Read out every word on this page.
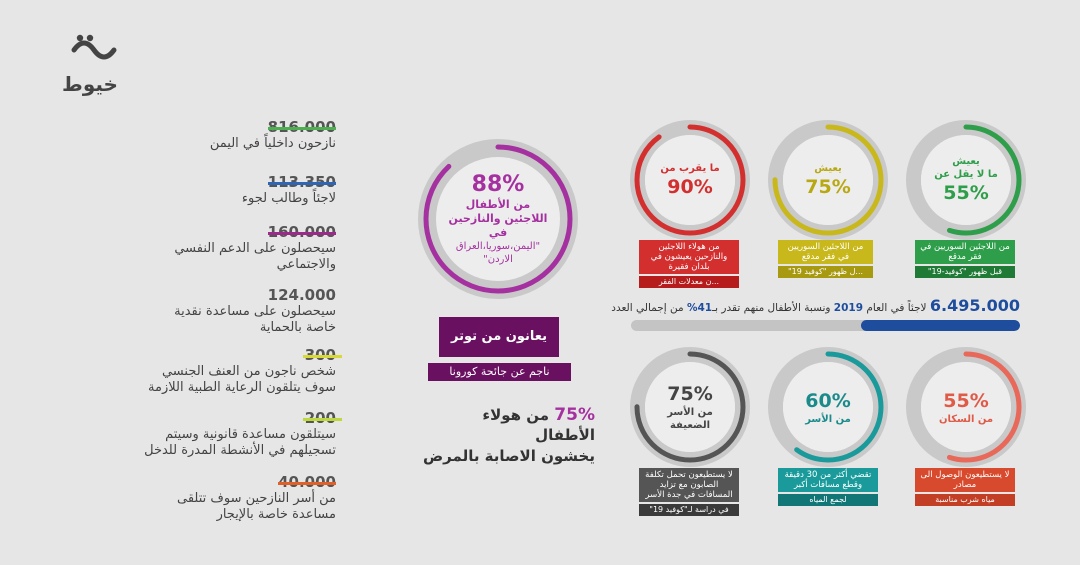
خيوط
نازحون داخلياً في اليمن
لاجئاً وطالب لجوء
سيحصلون على الدعم النفسي والاجتماعي
124.000
سيحصلون على مساعدة نقدية خاصة بالحماية
شخص ناجون من العنف الجنسي سوف يتلقون الرعاية الطبية اللازمة
سيتلقون مساعدة قانونية وسيتم تسجيلهم في الأنشطة المدرة للدخل
من أسر النازحين سوف تتلقى مساعدة خاصة بالإيجار
88%
من الأطفال
اللاجئين والنازحين في
"اليمن،سوريا،العراق
الاردن"
يعانون من توتر
ناجم عن جائحة كورونا
75% من هولاء الأطفال
يخشون الاصابة بالمرض
ما يقرب من
90%
من هولاء اللاجئين والنازحين يعيشون في بلدان فقيرة
...ن معدلات الفقر
يعيش
75%
من اللاجئين السوريين في فقر مدقع
...ل ظهور "كوفيد 19"
يعيش
ما لا يقل عن
55%
من اللاجئين السوريين في فقر مدقع
قبل ظهور "كوفيد-19"
6.495.000 لاجئاً في العام 2019 ونسبة الأطفال منهم تقدر بـ41% من إجمالي العدد
75%
من الأسر
الضعيفة
لا يستطيعون تحمل تكلفة الصابون مع تزايد المسافات في جدة الأسر
في دراسة لـ"كوفيد 19"
60%
من الأسر
تقضي أكثر من 30 دقيقة وقطع مسافات أكبر
لجمع المياه
55%
من السكان
لا يستطيعون الوصول الى مصادر
مياه شرب مناسبة
